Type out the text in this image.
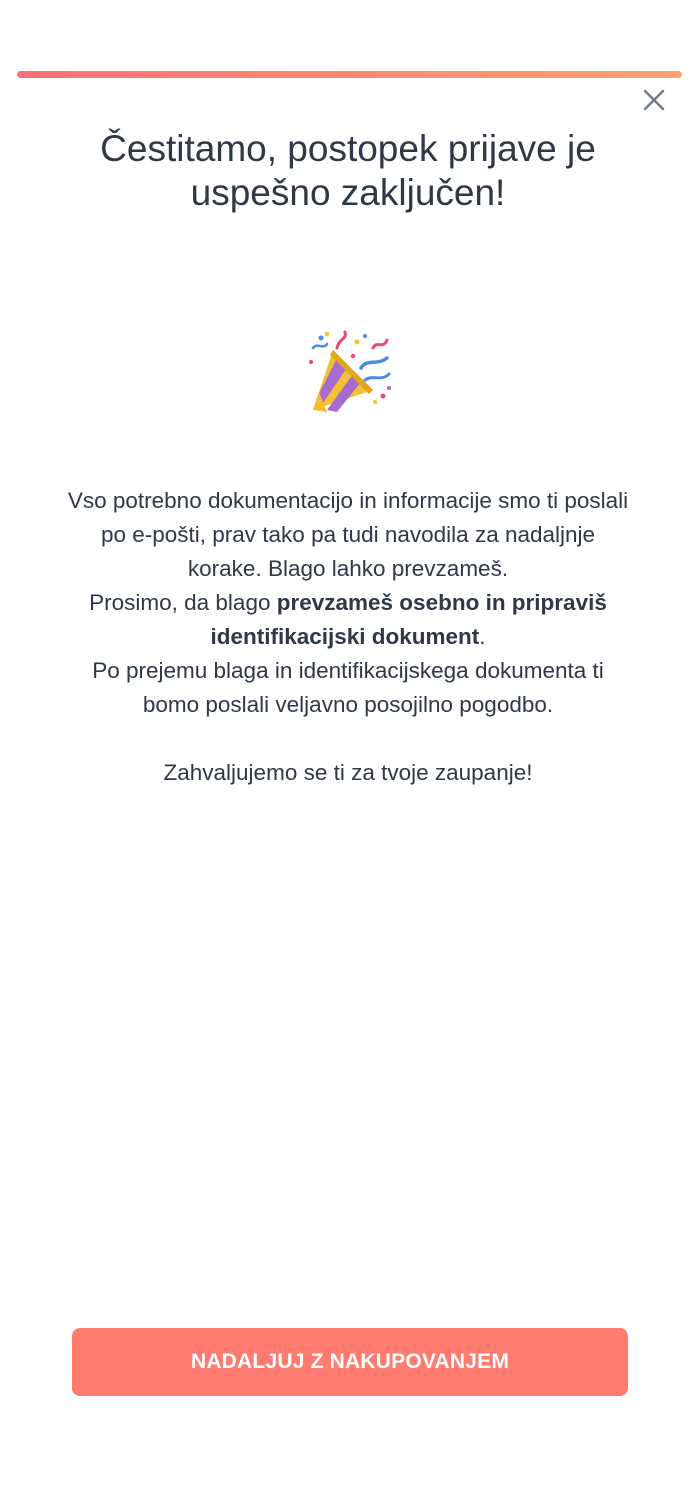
Čestitamo, postopek prijave je uspešno zaključen!

Vso potrebno dokumentacijo in informacije smo ti poslali po e-pošti, prav tako pa tudi navodila za nadaljnje korake. Blago lahko prevzameš.

Prosimo, da blago prevzameš osebno in pripraviš identifikacijski dokument.

Po prejemu blaga in identifikacijskega dokumenta ti bomo poslali veljavno posojilno pogodbo.

Zahvaljujemo se ti za tvoje zaupanje!

NADALJUJ Z NAKUPOVANJEM
